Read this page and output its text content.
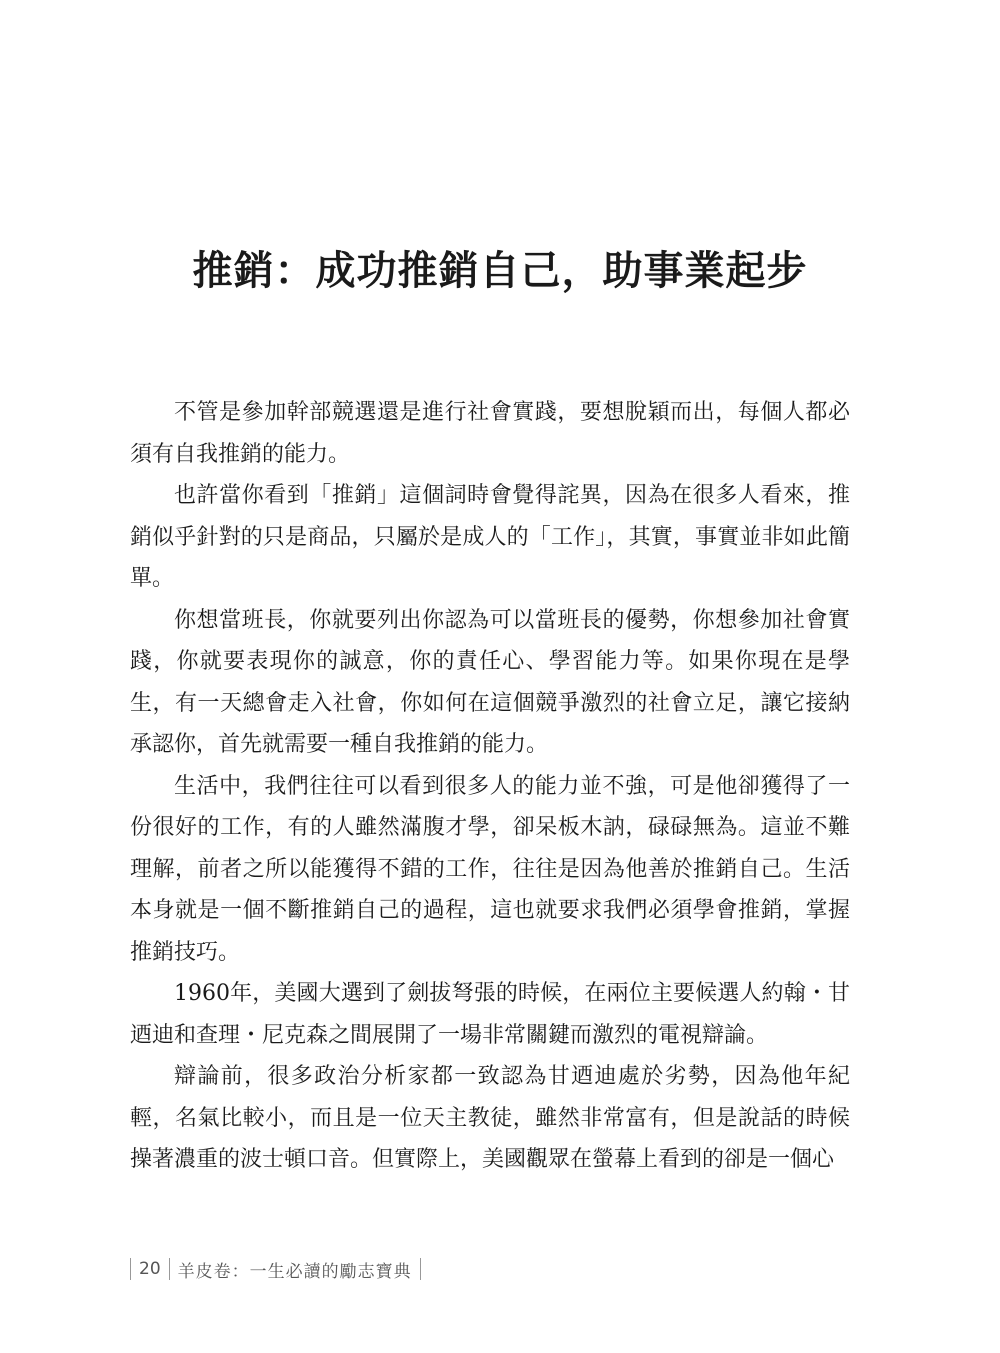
推銷：成功推銷自己，助事業起步

不管是參加幹部競選還是進行社會實踐，要想脫穎而出，每個人都必須有自我推銷的能力。

也許當你看到「推銷」這個詞時會覺得詫異，因為在很多人看來，推銷似乎針對的只是商品，只屬於是成人的「工作」，其實，事實並非如此簡單。

你想當班長，你就要列出你認為可以當班長的優勢，你想參加社會實踐，你就要表現你的誠意，你的責任心、學習能力等。如果你現在是學生，有一天總會走入社會，你如何在這個競爭激烈的社會立足，讓它接納承認你，首先就需要一種自我推銷的能力。

生活中，我們往往可以看到很多人的能力並不強，可是他卻獲得了一份很好的工作，有的人雖然滿腹才學，卻呆板木訥，碌碌無為。這並不難理解，前者之所以能獲得不錯的工作，往往是因為他善於推銷自己。生活本身就是一個不斷推銷自己的過程，這也就要求我們必須學會推銷，掌握推銷技巧。

1960年，美國大選到了劍拔弩張的時候，在兩位主要候選人約翰・甘迺迪和查理・尼克森之間展開了一場非常關鍵而激烈的電視辯論。

辯論前，很多政治分析家都一致認為甘迺迪處於劣勢，因為他年紀輕，名氣比較小，而且是一位天主教徒，雖然非常富有，但是說話的時候操著濃重的波士頓口音。但實際上，美國觀眾在螢幕上看到的卻是一個心

20	羊皮卷：一生必讀的勵志寶典
